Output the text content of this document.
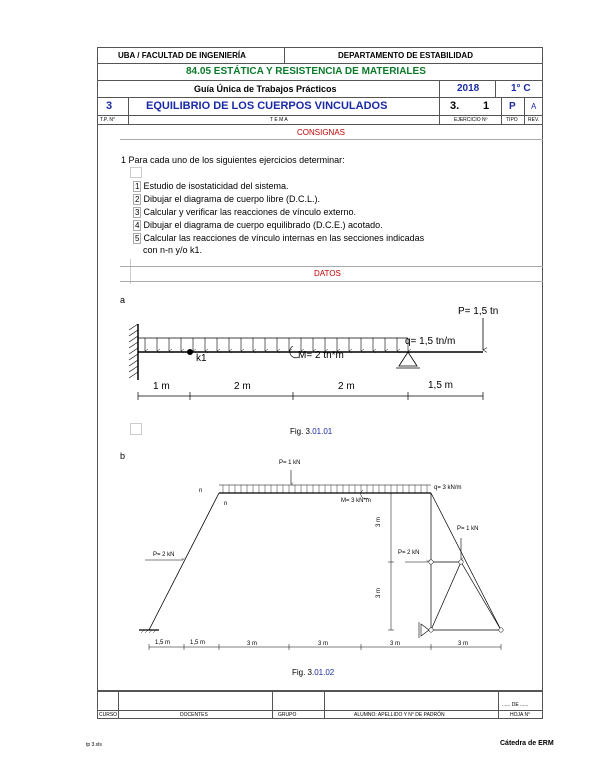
UBA / FACULTAD DE INGENIERÍA	DEPARTAMENTO DE ESTABILIDAD
84.05 ESTÁTICA Y RESISTENCIA DE MATERIALES
Guía Única de Trabajos Prácticos	2018	1° C
3	EQUILIBRIO DE LOS CUERPOS VINCULADOS	3. 1 P A
T.P. N°	T E M A	EJERCICIO Nº	TIPO REV.
CONSIGNAS
1 Para cada uno de los siguientes ejercicios determinar:
1 Estudio de isostaticidad del sistema.
2 Dibujar el diagrama de cuerpo libre (D.C.L.).
3 Calcular y verificar las reacciones de vínculo externo.
4 Dibujar el diagrama de cuerpo equilibrado (D.C.E.) acotado.
5 Calcular las reacciones de vínculo internas en las secciones indicadas
con n-n y/o k1.
DATOS
a
P= 1,5 tn
q= 1,5 tn/m
M= 2 tn*m
k1
1 m	2 m	2 m	1,5 m
Fig. 3.01.01
b
P= 1 kN
q= 3 kN/m
M= 3 kN*m
n
n
P= 2 kN	P= 2 kN
P= 1 kN
3 m
3 m
1,5 m	1,5 m	3 m	3 m	3 m	3 m
Fig. 3.01.02
...... DE ......
CURSO	DOCENTES	GRUPO	ALUMNO: APELLIDO Y N° DE PADRÓN	HOJA N°
tp 3.xls	Cátedra de ERM
